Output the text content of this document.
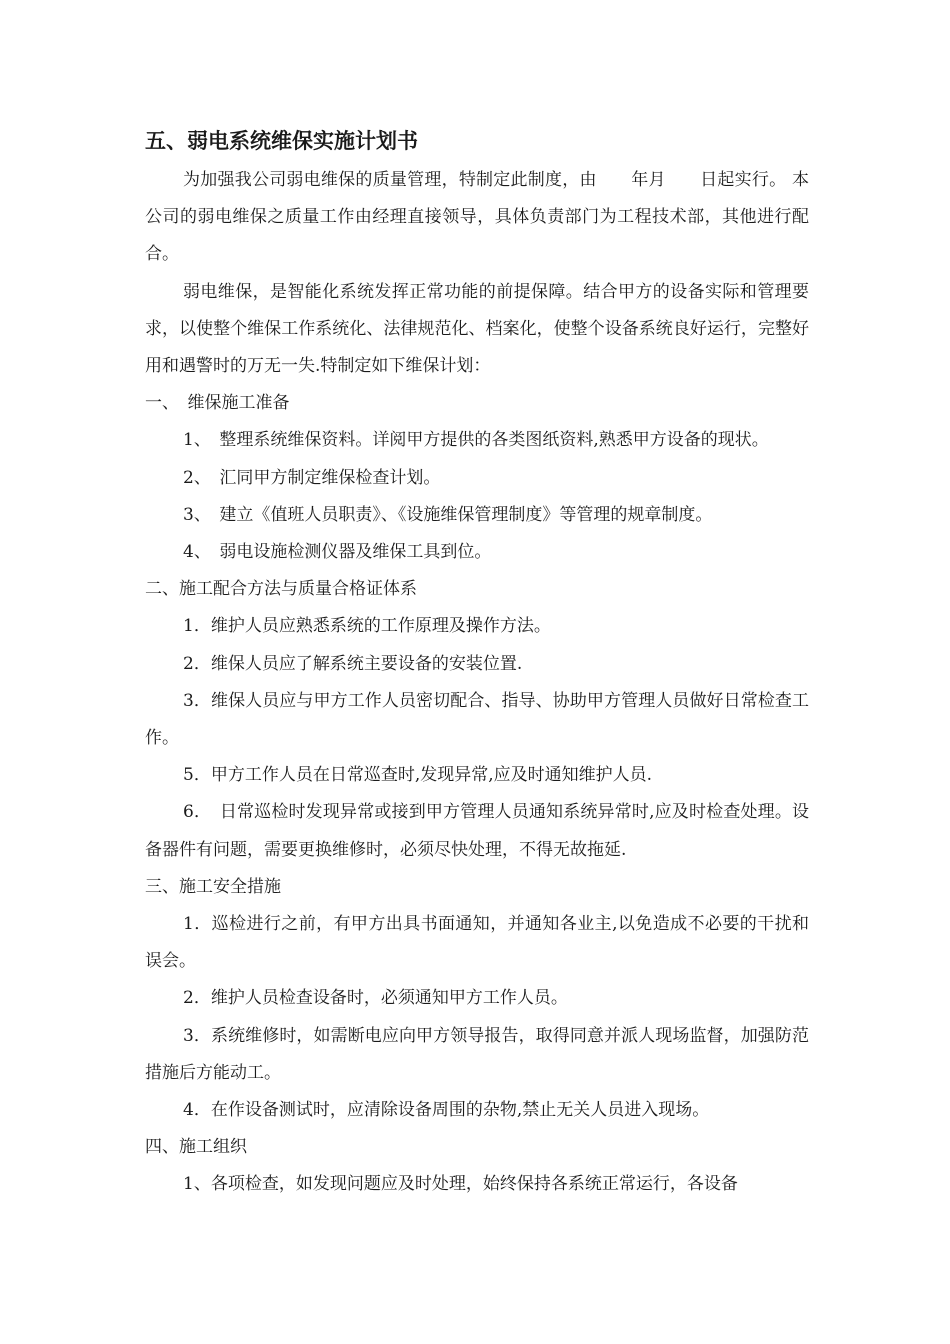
五、弱电系统维保实施计划书

为加强我公司弱电维保的质量管理，特制定此制度，由　　年月　　日起实行。 本公司的弱电维保之质量工作由经理直接领导，具体负责部门为工程技术部，其他进行配合。

弱电维保，是智能化系统发挥正常功能的前提保障。结合甲方的设备实际和管理要求，以使整个维保工作系统化、法律规范化、档案化，使整个设备系统良好运行，完整好用和遇警时的万无一失.特制定如下维保计划：

一、　维保施工准备

1、　整理系统维保资料。详阅甲方提供的各类图纸资料,熟悉甲方设备的现状。

2、　汇同甲方制定维保检查计划。

3、　建立《值班人员职责》、《设施维保管理制度》等管理的规章制度。

4、　弱电设施检测仪器及维保工具到位。

二、施工配合方法与质量合格证体系

1．维护人员应熟悉系统的工作原理及操作方法。

2．维保人员应了解系统主要设备的安装位置.

3．维保人员应与甲方工作人员密切配合、指导、协助甲方管理人员做好日常检查工作。

5．甲方工作人员在日常巡查时,发现异常,应及时通知维护人员.

6．　日常巡检时发现异常或接到甲方管理人员通知系统异常时,应及时检查处理。设备器件有问题，需要更换维修时，必须尽快处理，不得无故拖延.

三、施工安全措施

1．巡检进行之前，有甲方出具书面通知，并通知各业主,以免造成不必要的干扰和误会。

2．维护人员检查设备时，必须通知甲方工作人员。

3．系统维修时，如需断电应向甲方领导报告，取得同意并派人现场监督，加强防范措施后方能动工。

4．在作设备测试时，应清除设备周围的杂物,禁止无关人员进入现场。

四、施工组织

1、各项检查，如发现问题应及时处理，始终保持各系统正常运行，各设备
